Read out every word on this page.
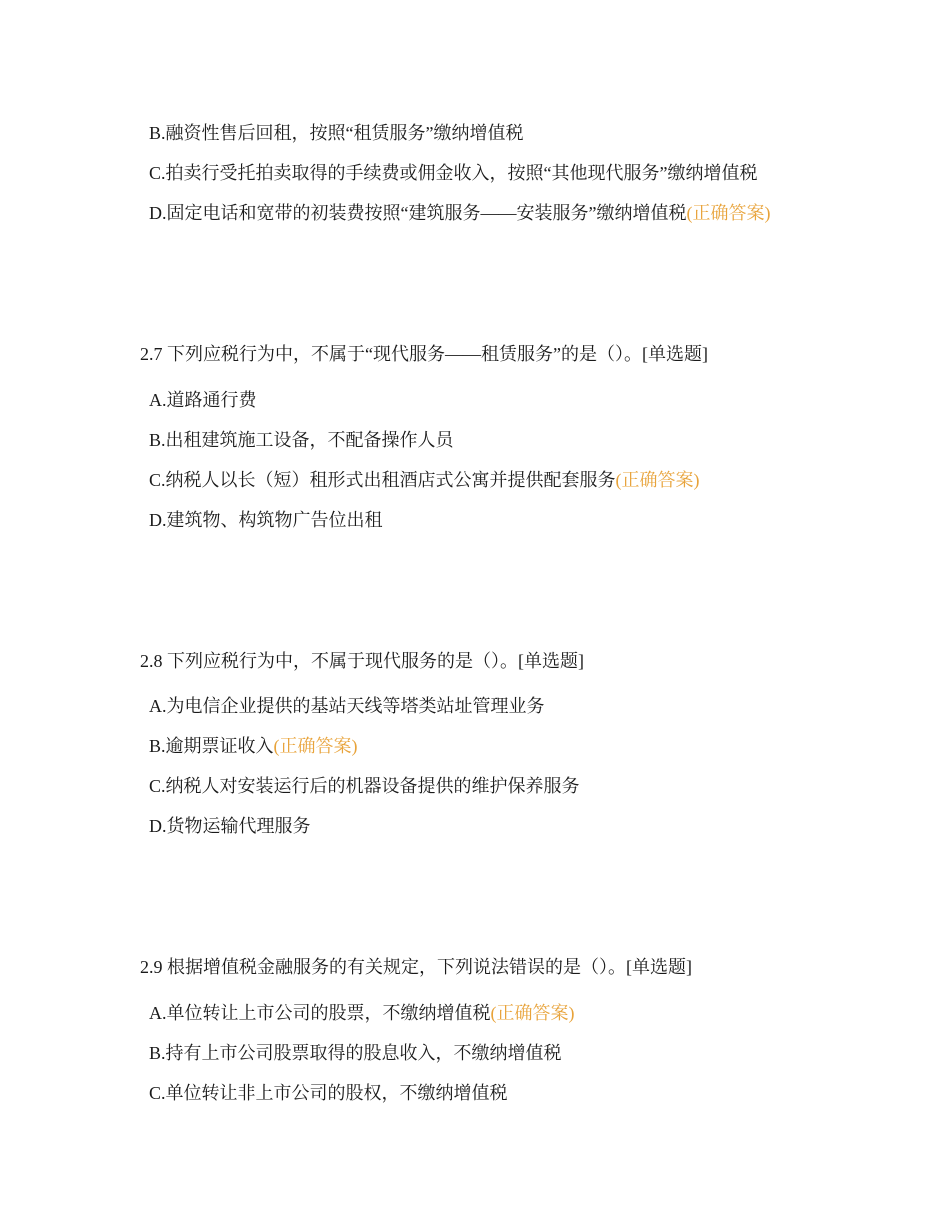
B.融资性售后回租，按照“租赁服务”缴纳增值税
C.拍卖行受托拍卖取得的手续费或佣金收入，按照“其他现代服务”缴纳增值税
D.固定电话和宽带的初装费按照“建筑服务——安装服务”缴纳增值税(正确答案)
2.7 下列应税行为中，不属于“现代服务——租赁服务”的是（）。[单选题]
A.道路通行费
B.出租建筑施工设备，不配备操作人员
C.纳税人以长（短）租形式出租酒店式公寓并提供配套服务(正确答案)
D.建筑物、构筑物广告位出租
2.8 下列应税行为中，不属于现代服务的是（）。[单选题]
A.为电信企业提供的基站天线等塔类站址管理业务
B.逾期票证收入(正确答案)
C.纳税人对安装运行后的机器设备提供的维护保养服务
D.货物运输代理服务
2.9 根据增值税金融服务的有关规定，下列说法错误的是（）。[单选题]
A.单位转让上市公司的股票，不缴纳增值税(正确答案)
B.持有上市公司股票取得的股息收入，不缴纳增值税
C.单位转让非上市公司的股权，不缴纳增值税
